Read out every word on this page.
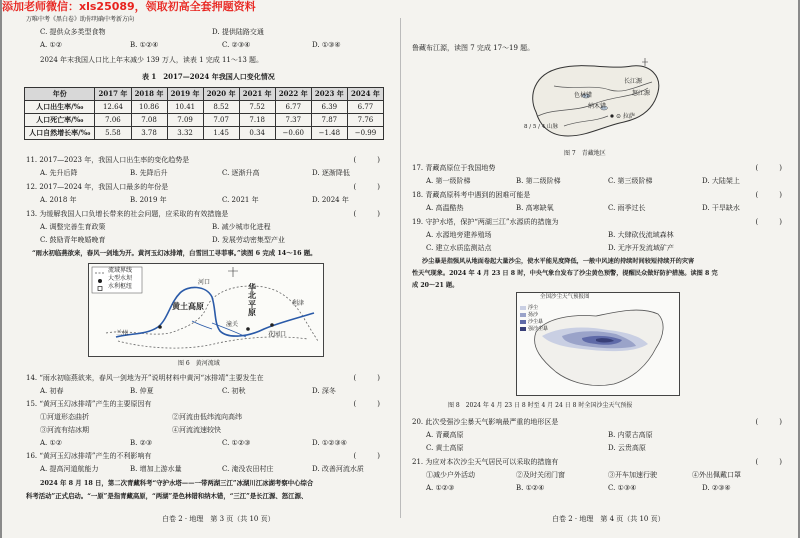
添加老师微信：xls25089，领取初高全套押题资料
万唯中考《黑白卷》助你明确中考新方向
C. 提供众多类型食物	D. 提供陆路交通
A. ①②	B. ①②④	C. ②③④	D. ①③④
2024 年末我国人口比上年末减少 139 万人，读表 1 完成 11～13 题。
表 1　2017—2024 年我国人口变化情况
年份	2017 年	2018 年	2019 年	2020 年	2021 年	2022 年	2023 年	2024 年
人口出生率/‰	12.64	10.86	10.41	8.52	7.52	6.77	6.39	6.77
人口死亡率/‰	7.06	7.08	7.09	7.07	7.18	7.37	7.87	7.76
人口自然增长率/‰	5.58	3.78	3.32	1.45	0.34	−0.60	−1.48	−0.99
11. 2017—2023 年，我国人口出生率的变化趋势是	(　　　)
A. 先升后降	B. 先降后升	C. 逐渐升高	D. 逐渐降低
12. 2017—2024 年，我国人口最多的年份是	(　　　)
A. 2018 年	B. 2019 年	C. 2021 年	D. 2024 年
13. 为缓解我国人口负增长带来的社会问题，应采取的有效措施是	(　　　)
A. 调整完善生育政策	B. 减少城市化进程
C. 鼓励青年晚婚晚育	D. 发展劳动密集型产业
“雨水初临燕欲来，春风一剑地为开。黄河玉幻冰排靖，白雪回工寻菲事。”读图 6 完成 14～16 题。
流域界线
大型水坝
水利枢纽
黄土高原
华北平原
河口
潼关
利津
花园口
兰州
图 6　黄河流域
14. “雨水初临燕欲来，春风一剑地为开”说明材料中黄河“冰排靖”主要发生在	(　　　)
A. 初春	B. 仲夏	C. 初秋	D. 深冬
15. “黄河玉幻冰排靖”产生的主要原因有	(　　　)
①河道形态曲折	②河流由低纬流向高纬
③河流有结冰期	④河流流速较快
A. ①②	B. ②③	C. ①②③	D. ①②③④
16. “黄河玉幻冰排靖”产生的不利影响有	(　　　)
A. 提高河道航能力	B. 增加上游水量	C. 淹没农田村庄	D. 改善河流水质
2024 年 8 月 18 日，第二次青藏科考“守护水塔——一带两湖三江”冰湖川江冰湖考察中心综合
科考活动”正式启动。“一原”是指青藏高原，“两湖”是色林错和纳木错，“三江”是长江源、怒江源、
白卷 2 · 地理　第 3 页（共 10 页）
鲁藏布江源，读图 7 完成 17～19 题。
⊙ 拉萨
色林错
纳木错
长江源
怒江源
8 / 5 / 4 山脉
图 7　青藏地区
17. 青藏高原位于我国地势	(　　　)
A. 第一级阶梯	B. 第二级阶梯	C. 第三级阶梯	D. 大陆架上
18. 青藏高原科考中遇到的困难可能是	(　　　)
A. 高温酷热	B. 高寒缺氧	C. 雨季过长	D. 干旱缺水
19. 守护水塔，保护“两湖三江”水源质的措施为	(　　　)
A. 水源地旁建养殖场	B. 大肆砍伐流域森林
C. 建立水质监测站点	D. 无序开发流域矿产
沙尘暴是指强风从地面卷起大量沙尘，使水平能见度降低，一般中风速的持续时间较短持续开的灾害
性天气现象。2024 年 4 月 23 日 8 时，中央气象台发布了沙尘黄色预警，提醒民众做好防护措施。读图 8 完
成 20～21 题。
全国沙尘天气预报图
浮尘
扬沙
沙尘暴
强沙尘暴
图 8　2024 年 4 月 23 日 8 时至 4 月 24 日 8 时全国沙尘天气预报
20. 此次受强沙尘暴天气影响最严重的地形区是	(　　　)
A. 青藏高原	B. 内蒙古高原
C. 黄土高原	D. 云贵高原
21. 为应对本次沙尘天气居民可以采取的措施有	(　　　)
①减少户外活动	②及时关闭门窗	③开车加速行驶	④外出佩戴口罩
A. ①②③	B. ①②④	C. ①③④	D. ②③④
白卷 2 · 地理　第 4 页（共 10 页）
